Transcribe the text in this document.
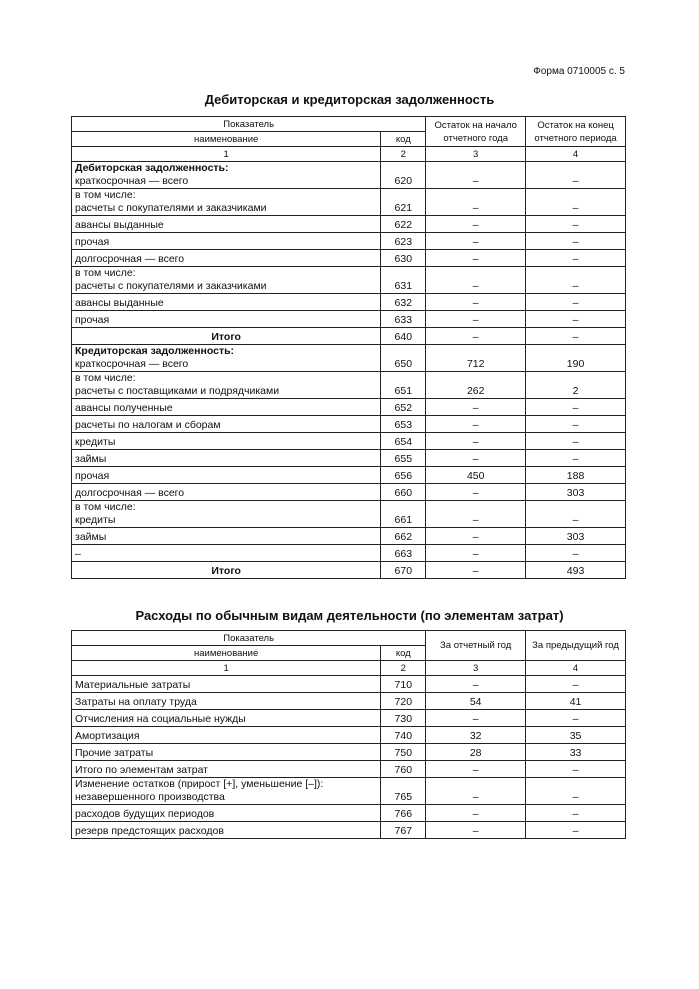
Форма 0710005 с. 5
Дебиторская и кредиторская задолженность
Показатель		Остаток на начало отчетного года	Остаток на конец отчетного периода
наименование	код		
1	2	3	4
Дебиторская задолженность:
краткосрочная — всего	620	–	–
в том числе:
расчеты с покупателями и заказчиками	621	–	–
авансы выданные	622	–	–
прочая	623	–	–
долгосрочная — всего	630	–	–
в том числе:
расчеты с покупателями и заказчиками	631	–	–
авансы выданные	632	–	–
прочая	633	–	–
Итого	640	–	–
Кредиторская задолженность:
краткосрочная — всего	650	712	190
в том числе:
расчеты с поставщиками и подрядчиками	651	262	2
авансы полученные	652	–	–
расчеты по налогам и сборам	653	–	–
кредиты	654	–	–
займы	655	–	–
прочая	656	450	188
долгосрочная — всего	660	–	303
в том числе:
кредиты	661	–	–
займы	662	–	303
–	663	–	–
Итого	670	–	493
Расходы по обычным видам деятельности (по элементам затрат)
Показатель		За отчетный год	За предыдущий год
наименование	код		
1	2	3	4
Материальные затраты	710	–	–
Затраты на оплату труда	720	54	41
Отчисления на социальные нужды	730	–	–
Амортизация	740	32	35
Прочие затраты	750	28	33
Итого по элементам затрат	760	–	–
Изменение остатков (прирост [+], уменьшение [–]):
незавершенного производства	765	–	–
расходов будущих периодов	766	–	–
резерв предстоящих расходов	767	–	–
